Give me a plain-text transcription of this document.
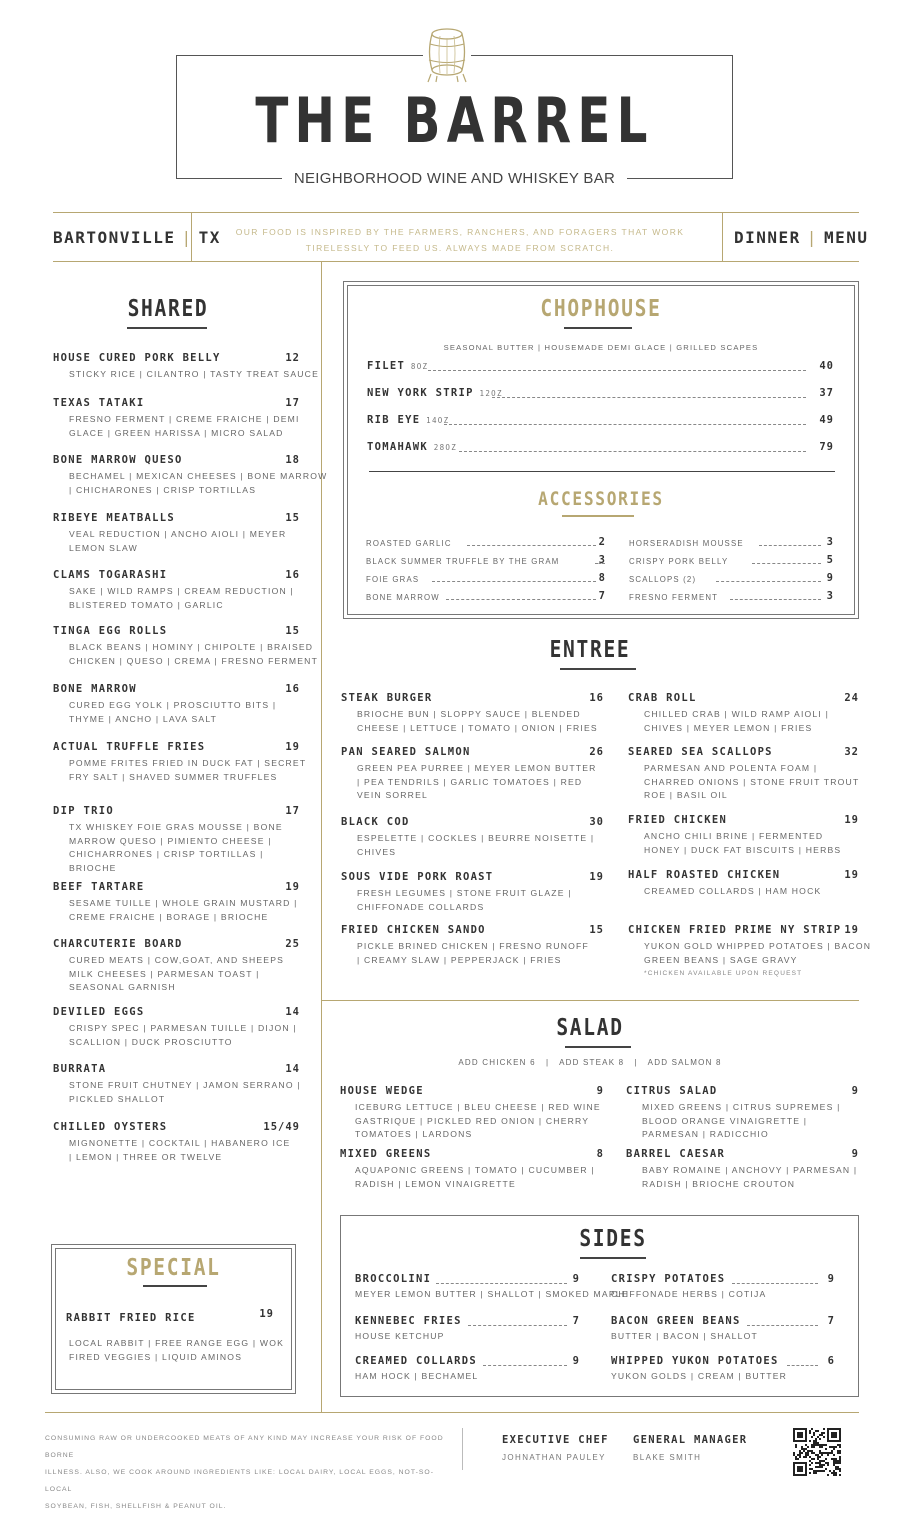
THE BARREL
NEIGHBORHOOD WINE AND WHISKEY BAR
BARTONVILLE | TX	OUR FOOD IS INSPIRED BY THE FARMERS, RANCHERS, AND FORAGERS THAT WORK TIRELESSLY TO FEED US. ALWAYS MADE FROM SCRATCH.
DINNER | MENU
SHARED
HOUSE CURED PORK BELLY	12
STICKY RICE | CILANTRO | TASTY TREAT SAUCE
TEXAS TATAKI	17
FRESNO FERMENT | CREME FRAICHE | DEMI
GLACE | GREEN HARISSA | MICRO SALAD
BONE MARROW QUESO	18
BECHAMEL | MEXICAN CHEESES | BONE MARROW
| CHICHARONES | CRISP TORTILLAS
RIBEYE MEATBALLS	15
VEAL REDUCTION | ANCHO AIOLI | MEYER
LEMON SLAW
CLAMS TOGARASHI	16
SAKE | WILD RAMPS | CREAM REDUCTION |
BLISTERED TOMATO | GARLIC
TINGA EGG ROLLS	15
BLACK BEANS | HOMINY | CHIPOLTE | BRAISED
CHICKEN | QUESO | CREMA | FRESNO FERMENT
BONE MARROW	16
CURED EGG YOLK | PROSCIUTTO BITS |
THYME | ANCHO | LAVA SALT
ACTUAL TRUFFLE FRIES	19
POMME FRITES FRIED IN DUCK FAT | SECRET
FRY SALT | SHAVED SUMMER TRUFFLES
DIP TRIO	17
TX WHISKEY FOIE GRAS MOUSSE | BONE
MARROW QUESO | PIMIENTO CHEESE |
CHICHARRONES | CRISP TORTILLAS |
BRIOCHE
BEEF TARTARE	19
SESAME TUILLE | WHOLE GRAIN MUSTARD |
CREME FRAICHE | BORAGE | BRIOCHE
CHARCUTERIE BOARD	25
CURED MEATS | COW,GOAT, AND SHEEPS
MILK CHEESES | PARMESAN TOAST |
SEASONAL GARNISH
DEVILED EGGS	14
CRISPY SPEC | PARMESAN TUILLE | DIJON |
SCALLION | DUCK PROSCIUTTO
BURRATA	14
STONE FRUIT CHUTNEY | JAMON SERRANO |
PICKLED SHALLOT
CHILLED OYSTERS	15/49
MIGNONETTE | COCKTAIL | HABANERO ICE
| LEMON | THREE OR TWELVE
SPECIAL
RABBIT FRIED RICE	19
LOCAL RABBIT | FREE RANGE EGG | WOK
FIRED VEGGIES | LIQUID AMINOS
CHOPHOUSE
SEASONAL BUTTER | HOUSEMADE DEMI GLACE | GRILLED SCAPES
FILET 8OZ	40
NEW YORK STRIP 12OZ	37
RIB EYE 14OZ	49
TOMAHAWK 28OZ	79
ACCESSORIES
ROASTED GARLIC	2
BLACK SUMMER TRUFFLE BY THE GRAM	3
FOIE GRAS	8
BONE MARROW	7
HORSERADISH MOUSSE	3
CRISPY PORK BELLY	5
SCALLOPS (2)	9
FRESNO FERMENT	3
ENTREE
STEAK BURGER	16
BRIOCHE BUN | SLOPPY SAUCE | BLENDED
CHEESE | LETTUCE | TOMATO | ONION | FRIES
PAN SEARED SALMON	26
GREEN PEA PURREE | MEYER LEMON BUTTER
| PEA TENDRILS | GARLIC TOMATOES | RED
VEIN SORREL
BLACK COD	30
ESPELETTE | COCKLES | BEURRE NOISETTE |
CHIVES
SOUS VIDE PORK ROAST	19
FRESH LEGUMES | STONE FRUIT GLAZE |
CHIFFONADE COLLARDS
FRIED CHICKEN SANDO	15
PICKLE BRINED CHICKEN | FRESNO RUNOFF
| CREAMY SLAW | PEPPERJACK | FRIES
CRAB ROLL	24
CHILLED CRAB | WILD RAMP AIOLI |
CHIVES | MEYER LEMON | FRIES
SEARED SEA SCALLOPS	32
PARMESAN AND POLENTA FOAM |
CHARRED ONIONS | STONE FRUIT TROUT
ROE | BASIL OIL
FRIED CHICKEN	19
ANCHO CHILI BRINE | FERMENTED
HONEY | DUCK FAT BISCUITS | HERBS
HALF ROASTED CHICKEN	19
CREAMED COLLARDS | HAM HOCK
CHICKEN FRIED PRIME NY STRIP 19
YUKON GOLD WHIPPED POTATOES | BACON
GREEN BEANS | SAGE GRAVY
*CHICKEN AVAILABLE UPON REQUEST
SALAD
ADD CHICKEN 6   |   ADD STEAK 8   |   ADD SALMON 8
HOUSE WEDGE	9
ICEBURG LETTUCE | BLEU CHEESE | RED WINE
GASTRIQUE | PICKLED RED ONION | CHERRY
TOMATOES | LARDONS
MIXED GREENS	8
AQUAPONIC GREENS | TOMATO | CUCUMBER |
RADISH | LEMON VINAIGRETTE
CITRUS SALAD	9
MIXED GREENS | CITRUS SUPREMES |
BLOOD ORANGE VINAIGRETTE |
PARMESAN | RADICCHIO
BARREL CAESAR	9
BABY ROMAINE | ANCHOVY | PARMESAN |
RADISH | BRIOCHE CROUTON
SIDES
BROCCOLINI	9
MEYER LEMON BUTTER | SHALLOT | SMOKED MAPLE
KENNEBEC FRIES	7
HOUSE KETCHUP
CREAMED COLLARDS	9
HAM HOCK | BECHAMEL
CRISPY POTATOES	9
CHIFFONADE HERBS | COTIJA
BACON GREEN BEANS	7
BUTTER | BACON | SHALLOT
WHIPPED YUKON POTATOES	6
YUKON GOLDS | CREAM | BUTTER
CONSUMING RAW OR UNDERCOOKED MEATS OF ANY KIND MAY INCREASE YOUR RISK OF FOOD BORNE
ILLNESS. ALSO, WE COOK AROUND INGREDIENTS LIKE: LOCAL DAIRY, LOCAL EGGS, NOT-SO-LOCAL
SOYBEAN, FISH, SHELLFISH & PEANUT OIL.
EXECUTIVE CHEF
JOHNATHAN PAULEY
GENERAL MANAGER
BLAKE SMITH
